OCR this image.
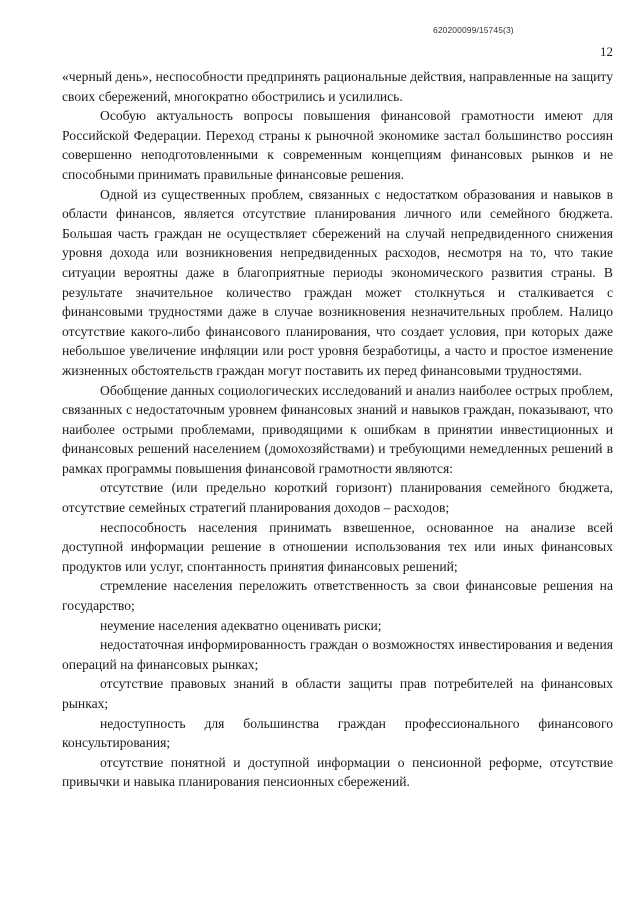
620200099/15745(3)
12

«черный день», неспособности предпринять рациональные действия, направленные на защиту своих сбережений, многократно обострились и усилились.

Особую актуальность вопросы повышения финансовой грамотности имеют для Российской Федерации. Переход страны к рыночной экономике застал большинство россиян совершенно неподготовленными к современным концепциям финансовых рынков и не способными принимать правильные финансовые решения.

Одной из существенных проблем, связанных с недостатком образования и навыков в области финансов, является отсутствие планирования личного или семейного бюджета. Большая часть граждан не осуществляет сбережений на случай непредвиденного снижения уровня дохода или возникновения непредвиденных расходов, несмотря на то, что такие ситуации вероятны даже в благоприятные периоды экономического развития страны. В результате значительное количество граждан может столкнуться и сталкивается с финансовыми трудностями даже в случае возникновения незначительных проблем. Налицо отсутствие какого-либо финансового планирования, что создает условия, при которых даже небольшое увеличение инфляции или рост уровня безработицы, а часто и простое изменение жизненных обстоятельств граждан могут поставить их перед финансовыми трудностями.

Обобщение данных социологических исследований и анализ наиболее острых проблем, связанных с недостаточным уровнем финансовых знаний и навыков граждан, показывают, что наиболее острыми проблемами, приводящими к ошибкам в принятии инвестиционных и финансовых решений населением (домохозяйствами) и требующими немедленных решений в рамках программы повышения финансовой грамотности являются:

отсутствие (или предельно короткий горизонт) планирования семейного бюджета, отсутствие семейных стратегий планирования доходов – расходов;

неспособность населения принимать взвешенное, основанное на анализе всей доступной информации решение в отношении использования тех или иных финансовых продуктов или услуг, спонтанность принятия финансовых решений;

стремление населения переложить ответственность за свои финансовые решения на государство;

неумение населения адекватно оценивать риски;

недостаточная информированность граждан о возможностях инвестирования и ведения операций на финансовых рынках;

отсутствие правовых знаний в области защиты прав потребителей на финансовых рынках;

недоступность для большинства граждан профессионального финансового консультирования;

отсутствие понятной и доступной информации о пенсионной реформе, отсутствие привычки и навыка планирования пенсионных сбережений.
